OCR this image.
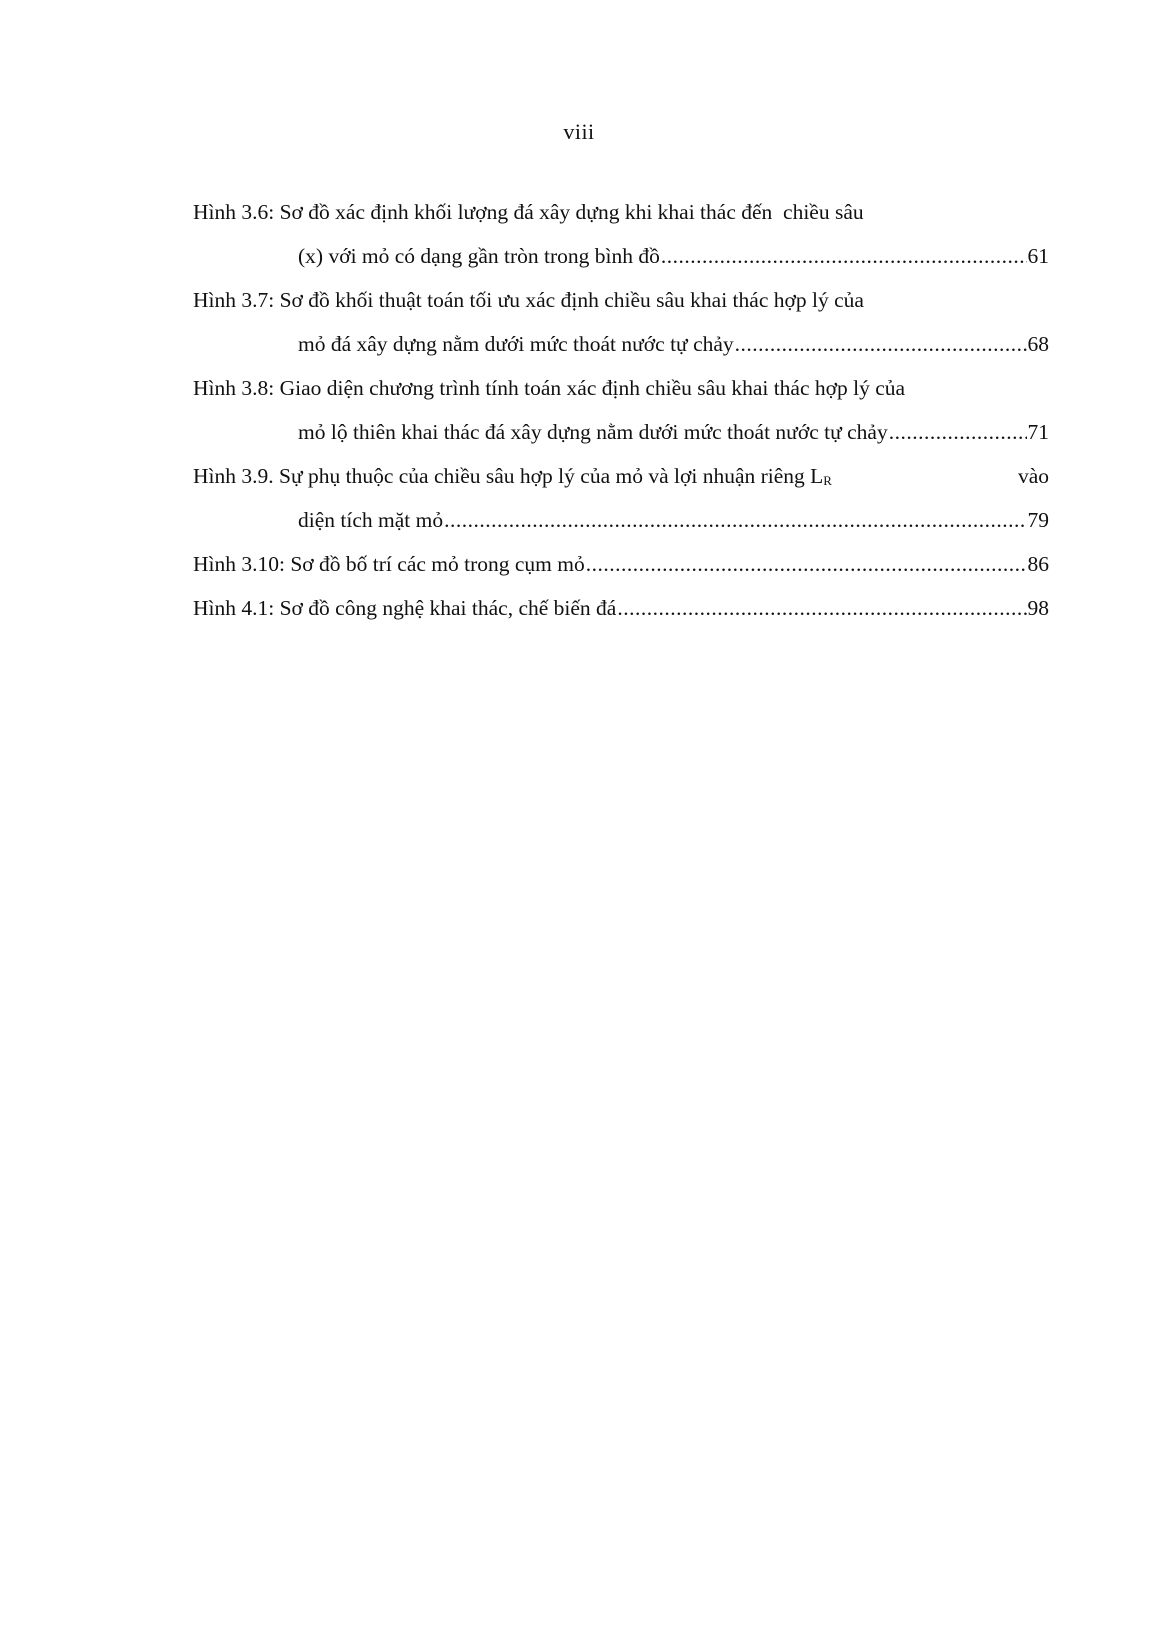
viii
Hình 3.6: Sơ đồ xác định khối lượng đá xây dựng khi khai thác đến  chiều sâu
(x) với mỏ có dạng gần tròn trong bình đồ .....	61
Hình 3.7: Sơ đồ khối thuật toán tối ưu xác định chiều sâu khai thác hợp lý của
mỏ đá xây dựng nằm dưới mức thoát nước tự chảy .....	68
Hình 3.8: Giao diện chương trình tính toán xác định chiều sâu khai thác hợp lý của
mỏ lộ thiên khai thác đá xây dựng nằm dưới mức thoát nước tự chảy .....	71
Hình 3.9. Sự phụ thuộc của chiều sâu hợp lý của mỏ và lợi nhuận riêng LR	vào
diện tích mặt mỏ .....	79
Hình 3.10: Sơ đồ bố trí các mỏ trong cụm mỏ .....	86
Hình 4.1: Sơ đồ công nghệ khai thác, chế biến đá .....	98
